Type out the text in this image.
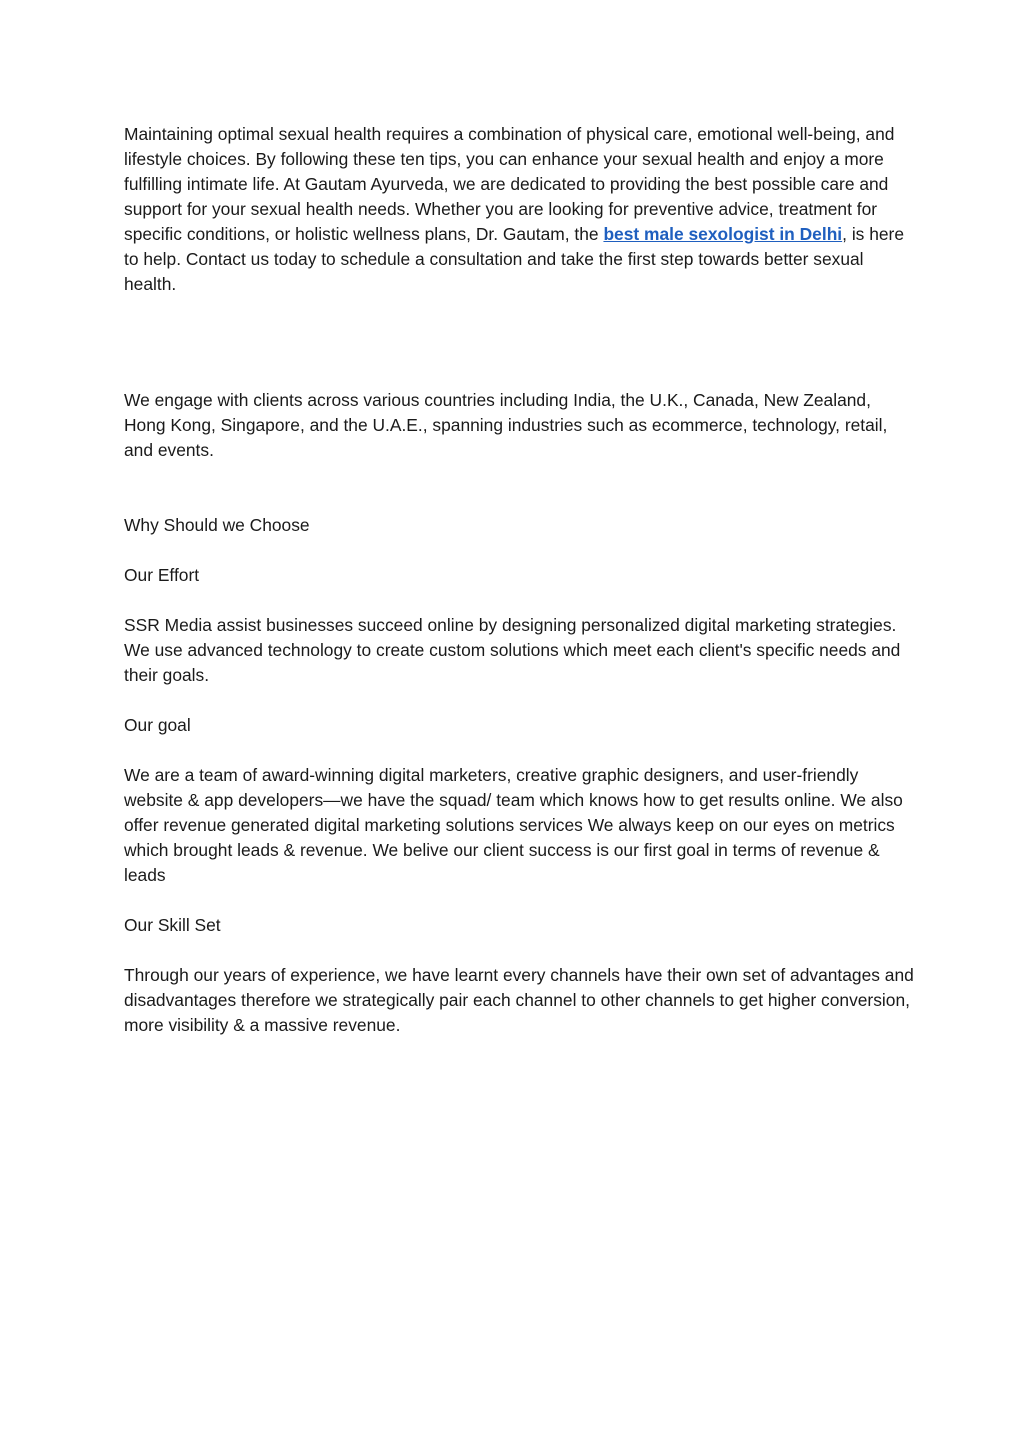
Maintaining optimal sexual health requires a combination of physical care, emotional well-being, and lifestyle choices. By following these ten tips, you can enhance your sexual health and enjoy a more fulfilling intimate life. At Gautam Ayurveda, we are dedicated to providing the best possible care and support for your sexual health needs. Whether you are looking for preventive advice, treatment for specific conditions, or holistic wellness plans, Dr. Gautam, the best male sexologist in Delhi, is here to help. Contact us today to schedule a consultation and take the first step towards better sexual health.

We engage with clients across various countries including India, the U.K., Canada, New Zealand, Hong Kong, Singapore, and the U.A.E., spanning industries such as ecommerce, technology, retail, and events.

Why Should we Choose

Our Effort

SSR Media assist businesses succeed online by designing personalized digital marketing strategies. We use advanced technology to create custom solutions which meet each client's specific needs and their goals.

Our goal

We are a team of award-winning digital marketers, creative graphic designers, and user-friendly website & app developers—we have the squad/ team which knows how to get results online. We also offer revenue generated digital marketing solutions services We always keep on our eyes on metrics which brought leads & revenue. We belive our client success is our first goal in terms of revenue & leads

Our Skill Set

Through our years of experience, we have learnt every channels have their own set of advantages and disadvantages therefore we strategically pair each channel to other channels to get higher conversion, more visibility & a massive revenue.
